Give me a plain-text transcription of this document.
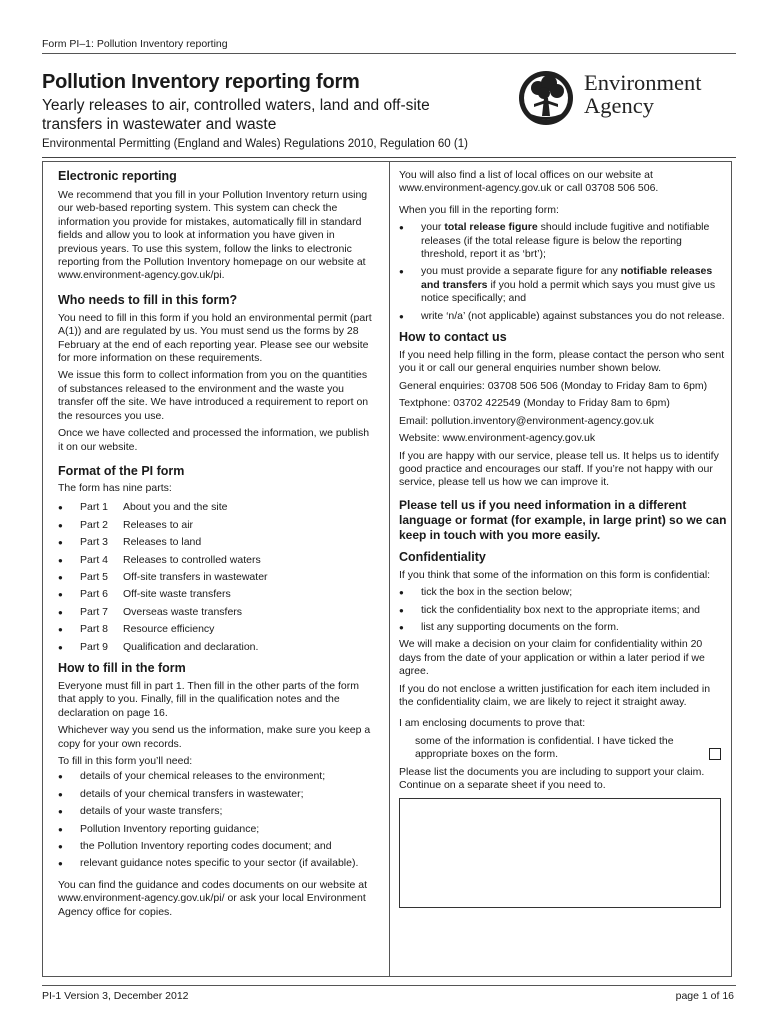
Form PI–1: Pollution Inventory reporting
Pollution Inventory reporting form
Yearly releases to air, controlled waters, land and off-site transfers in wastewater and waste
Environmental Permitting (England and Wales) Regulations 2010, Regulation 60 (1)
Environment
Agency
Electronic reporting

We recommend that you fill in your Pollution Inventory return using our web-based reporting system. This system can check the information you provide for mistakes, automatically fill in standard fields and allow you to look at information you have given in previous years. To use this system, follow the links to electronic reporting from the Pollution Inventory homepage on our website at www.environment-agency.gov.uk/pi.

Who needs to fill in this form?

You need to fill in this form if you hold an environmental permit (part A(1)) and are regulated by us. You must send us the forms by 28 February at the end of each reporting year. Please see our website for more information on these requirements.

We issue this form to collect information from you on the quantities of substances released to the environment and the waste you transfer off the site. We have introduced a requirement to report on the resources you use.

Once we have collected and processed the information, we publish it on our website.

Format of the PI form

The form has nine parts:

● Part 1 About you and the site
● Part 2 Releases to air
● Part 3 Releases to land
● Part 4 Releases to controlled waters
● Part 5 Off-site transfers in wastewater
● Part 6 Off-site waste transfers
● Part 7 Overseas waste transfers
● Part 8 Resource efficiency
● Part 9 Qualification and declaration.
How to fill in the form

Everyone must fill in part 1. Then fill in the other parts of the form that apply to you. Finally, fill in the qualification notes and the declaration on page 16.

Whichever way you send us the information, make sure you keep a copy for your own records.

To fill in this form you’ll need:

● details of your chemical releases to the environment;
● details of your chemical transfers in wastewater;
● details of your waste transfers;
● Pollution Inventory reporting guidance;
● the Pollution Inventory reporting codes document; and
● relevant guidance notes specific to your sector (if available).

You can find the guidance and codes documents on our website at www.environment-agency.gov.uk/pi/ or ask your local Environment Agency office for copies.

You will also find a list of local offices on our website at www.environment-agency.gov.uk or call 03708 506 506.

When you fill in the reporting form:

● your total release figure should include fugitive and notifiable releases (if the total release figure is below the reporting threshold, report it as ‘brt’);
● you must provide a separate figure for any notifiable releases and transfers if you hold a permit which says you must give us notice specifically; and
● write ‘n/a’ (not applicable) against substances you do not release.
How to contact us

If you need help filling in the form, please contact the person who sent you it or call our general enquiries number shown below.

General enquiries: 03708 506 506 (Monday to Friday 8am to 6pm)

Textphone: 03702 422549 (Monday to Friday 8am to 6pm)

Email: pollution.inventory@environment-agency.gov.uk

Website: www.environment-agency.gov.uk

If you are happy with our service, please tell us. It helps us to identify good practice and encourages our staff. If you’re not happy with our service, please tell us how we can improve it.

Please tell us if you need information in a different language or format (for example, in large print) so we can keep in touch with you more easily.
Confidentiality

If you think that some of the information on this form is confidential:

● tick the box in the section below;
● tick the confidentiality box next to the appropriate items; and
● list any supporting documents on the form.

We will make a decision on your claim for confidentiality within 20 days from the date of your application or within a later period if we agree.

If you do not enclose a written justification for each item included in the confidentiality claim, we are likely to reject it straight away.

I am enclosing documents to prove that:

some of the information is confidential. I have ticked the appropriate boxes on the form.

Please list the documents you are including to support your claim. Continue on a separate sheet if you need to.

PI-1 Version 3, December 2012	page 1 of 16
